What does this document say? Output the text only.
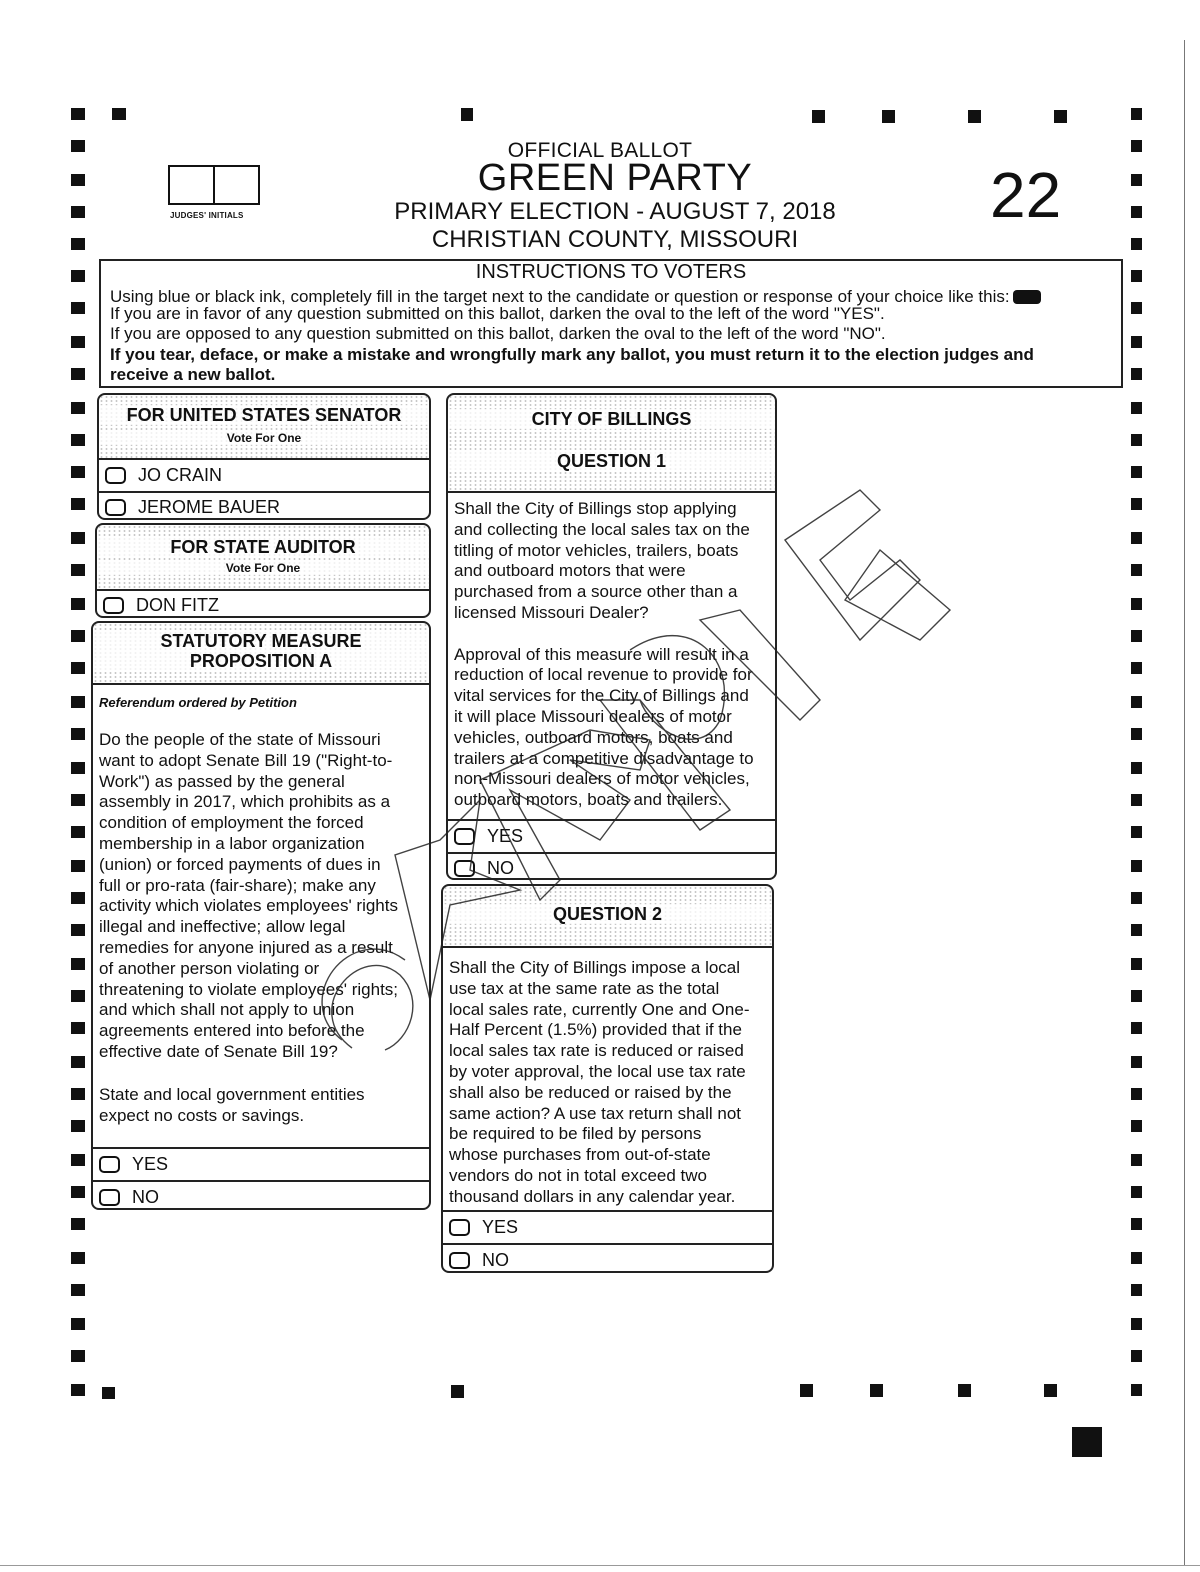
JUDGES' INITIALS
OFFICIAL BALLOT
GREEN PARTY
PRIMARY ELECTION - AUGUST 7, 2018
CHRISTIAN COUNTY, MISSOURI
22
INSTRUCTIONS TO VOTERS
Using blue or black ink, completely fill in the target next to the candidate or question or response of your choice like this:
If you are in favor of any question submitted on this ballot, darken the oval to the left of the word "YES".
If you are opposed to any question submitted on this ballot, darken the oval to the left of the word "NO".
If you tear, deface, or make a mistake and wrongfully mark any ballot, you must return it to the election judges and
receive a new ballot.
FOR UNITED STATES SENATOR
Vote For One
JO CRAIN
JEROME BAUER
FOR STATE AUDITOR
Vote For One
DON FITZ
STATUTORY MEASURE
PROPOSITION A
Referendum ordered by Petition
Do the people of the state of Missouri
want to adopt Senate Bill 19 ("Right-to-
Work") as passed by the general
assembly in 2017, which prohibits as a
condition of employment the forced
membership in a labor organization
(union) or forced payments of dues in
full or pro-rata (fair-share); make any
activity which violates employees' rights
illegal and ineffective; allow legal
remedies for anyone injured as a result
of another person violating or
threatening to violate employees' rights;
and which shall not apply to union
agreements entered into before the
effective date of Senate Bill 19?
State and local government entities
expect no costs or savings.
YES
NO
CITY OF BILLINGS
QUESTION 1
Shall the City of Billings stop applying
and collecting the local sales tax on the
titling of motor vehicles, trailers, boats
and outboard motors that were
purchased from a source other than a
licensed Missouri Dealer?
Approval of this measure will result in a
reduction of local revenue to provide for
vital services for the City of Billings and
it will place Missouri dealers of motor
vehicles, outboard motors, boats and
trailers at a competitive disadvantage to
non-Missouri dealers of motor vehicles,
outboard motors, boats and trailers.
YES
NO
QUESTION 2
Shall the City of Billings impose a local
use tax at the same rate as the total
local sales rate, currently One and One-
Half Percent (1.5%) provided that if the
local sales tax rate is reduced or raised
by voter approval, the local use tax rate
shall also be reduced or raised by the
same action? A use tax return shall not
be required to be filed by persons
whose purchases from out-of-state
vendors do not in total exceed two
thousand dollars in any calendar year.
YES
NO
